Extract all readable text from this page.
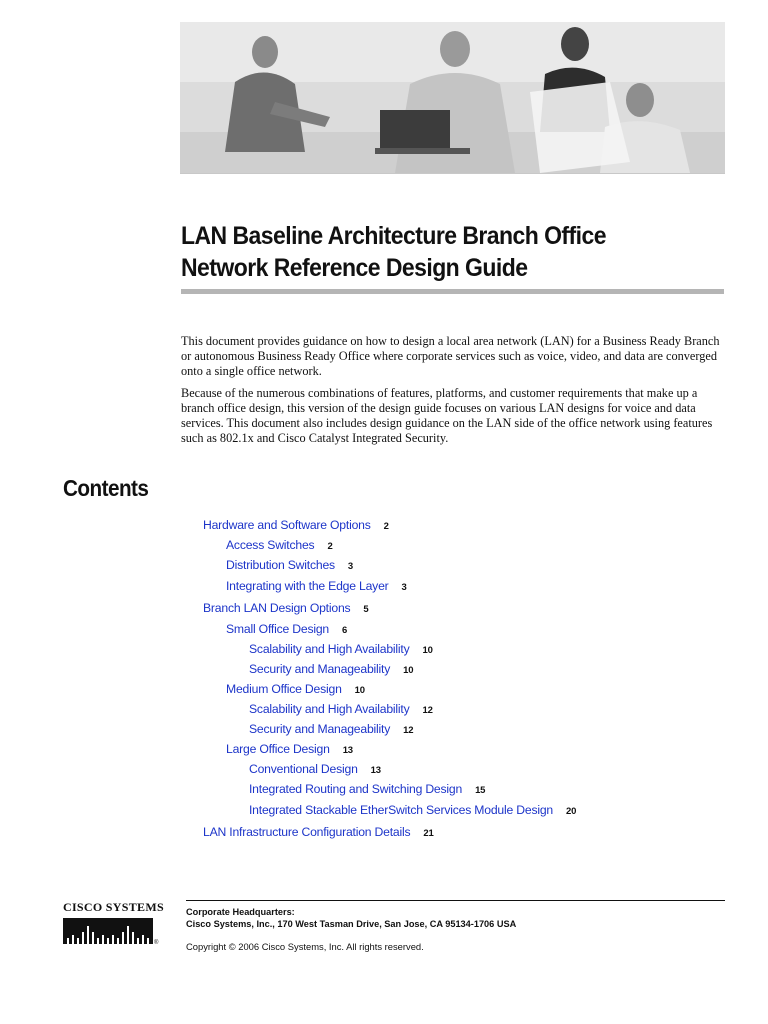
LAN Baseline Architecture Branch Office
Network Reference Design Guide

This document provides guidance on how to design a local area network (LAN) for a Business Ready Branch or autonomous Business Ready Office where corporate services such as voice, video, and data are converged onto a single office network.

Because of the numerous combinations of features, platforms, and customer requirements that make up a branch office design, this version of the design guide focuses on various LAN designs for voice and data services. This document also includes design guidance on the LAN side of the office network using features such as 802.1x and Cisco Catalyst Integrated Security.

Contents
Hardware and Software Options 2
Access Switches 2
Distribution Switches 3
Integrating with the Edge Layer 3
Branch LAN Design Options 5
Small Office Design 6
Scalability and High Availability 10
Security and Manageability 10
Medium Office Design 10
Scalability and High Availability 12
Security and Manageability 12
Large Office Design 13
Conventional Design 13
Integrated Routing and Switching Design 15
Integrated Stackable EtherSwitch Services Module Design 20
LAN Infrastructure Configuration Details 21
CISCO SYSTEMS
®
Corporate Headquarters:
Cisco Systems, Inc., 170 West Tasman Drive, San Jose, CA 95134-1706 USA
Copyright © 2006 Cisco Systems, Inc. All rights reserved.
